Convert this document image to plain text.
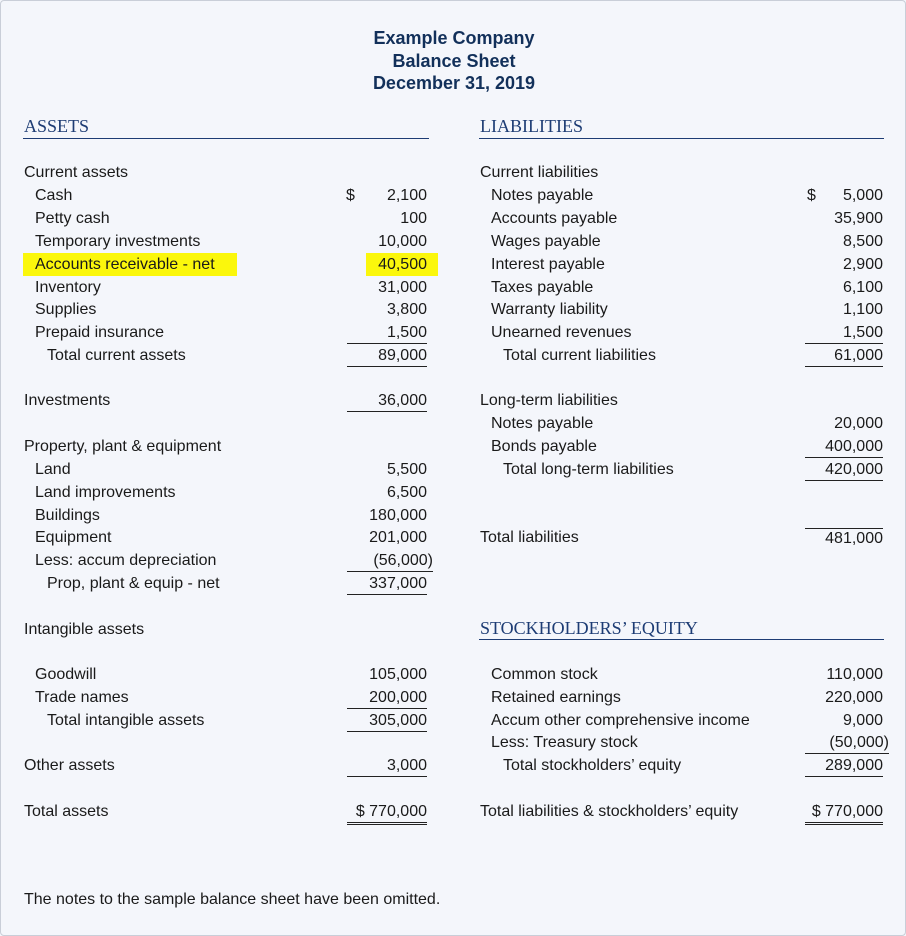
Example Company
Balance Sheet
December 31, 2019
ASSETS	LIABILITIES
STOCKHOLDERS’ EQUITY
Current assets
Cash	$ 2,100
Petty cash	100
Temporary investments	10,000
Accounts receivable - net	40,500
Inventory	31,000
Supplies	3,800
Prepaid insurance	1,500
Total current assets	89,000
Investments	36,000
Property, plant & equipment
Land	5,500
Land improvements	6,500
Buildings	180,000
Equipment	201,000
Less: accum depreciation	(56,000)
Prop, plant & equip - net	337,000
Intangible assets
Goodwill	105,000
Trade names	200,000
Total intangible assets	305,000
Other assets	3,000
Total assets	$ 770,000
Current liabilities
Notes payable	$ 5,000
Accounts payable	35,900
Wages payable	8,500
Interest payable	2,900
Taxes payable	6,100
Warranty liability	1,100
Unearned revenues	1,500
Total current liabilities	61,000
Long-term liabilities
Notes payable	20,000
Bonds payable	400,000
Total long-term liabilities	420,000
Total liabilities	481,000
Common stock	110,000
Retained earnings	220,000
Accum other comprehensive income	9,000
Less: Treasury stock	(50,000)
Total stockholders’ equity	289,000
Total liabilities & stockholders’ equity	$ 770,000
The notes to the sample balance sheet have been omitted.
